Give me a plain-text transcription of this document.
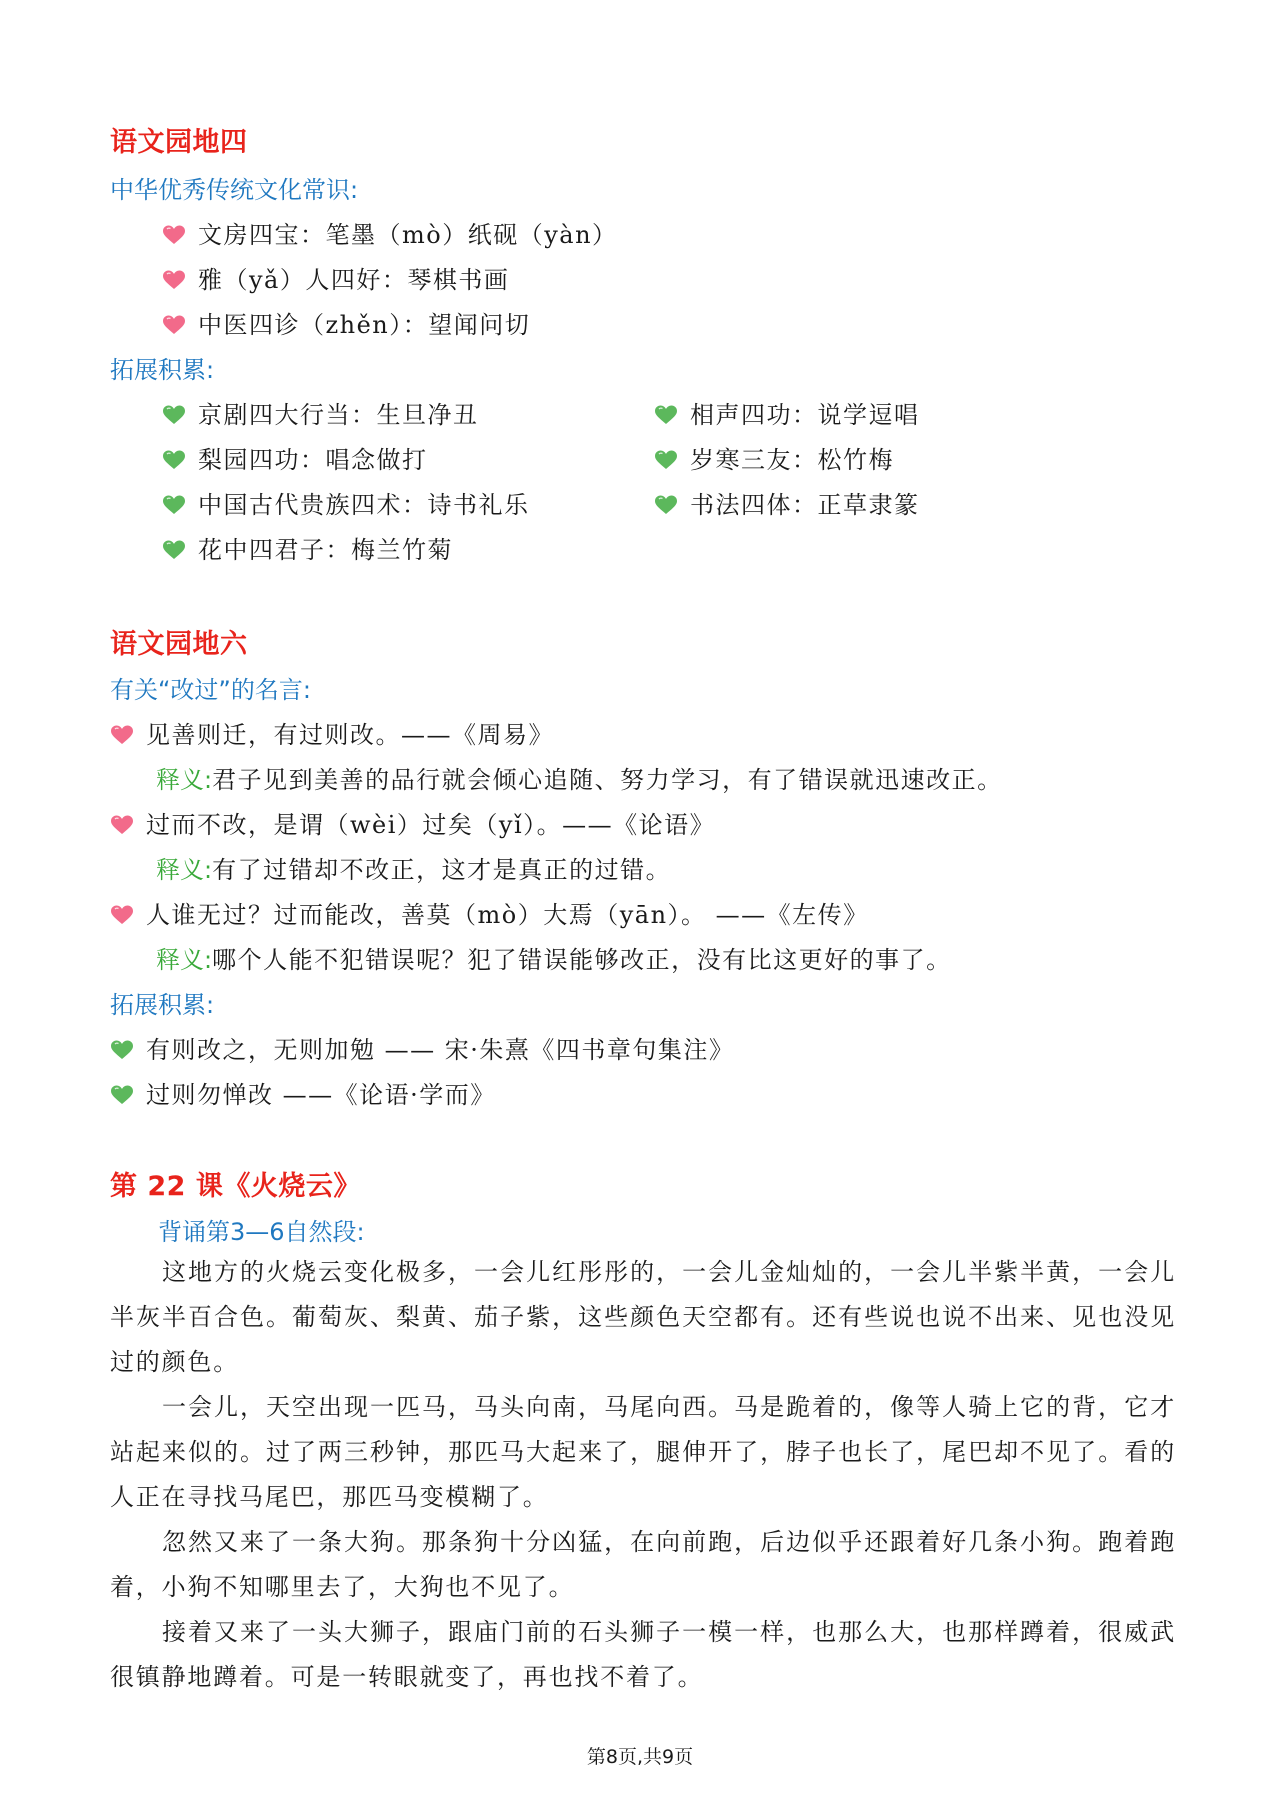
语文园地四
中华优秀传统文化常识:
文房四宝：笔墨（mò）纸砚（yàn）
雅（yǎ）人四好：琴棋书画
中医四诊（zhěn）：望闻问切
拓展积累:
京剧四大行当：生旦净丑
梨园四功：唱念做打
中国古代贵族四术：诗书礼乐
花中四君子：梅兰竹菊
相声四功：说学逗唱
岁寒三友：松竹梅
书法四体：正草隶篆
语文园地六
有关“改过”的名言:
见善则迁，有过则改。——《周易》
释义:君子见到美善的品行就会倾心追随、努力学习，有了错误就迅速改正。
过而不改，是谓（wèi）过矣（yǐ）。——《论语》
释义:有了过错却不改正，这才是真正的过错。
人谁无过？过而能改，善莫（mò）大焉（yān）。 ——《左传》
释义:哪个人能不犯错误呢？犯了错误能够改正，没有比这更好的事了。
拓展积累:
有则改之，无则加勉 —— 宋·朱熹《四书章句集注》
过则勿惮改 ——《论语·学而》
第 22 课《火烧云》
背诵第3—6自然段:

这地方的火烧云变化极多，一会儿红彤彤的，一会儿金灿灿的，一会儿半紫半黄，一会儿半灰半百合色。葡萄灰、梨黄、茄子紫，这些颜色天空都有。还有些说也说不出来、见也没见过的颜色。

一会儿，天空出现一匹马，马头向南，马尾向西。马是跪着的，像等人骑上它的背，它才站起来似的。过了两三秒钟，那匹马大起来了，腿伸开了，脖子也长了，尾巴却不见了。看的人正在寻找马尾巴，那匹马变模糊了。

忽然又来了一条大狗。那条狗十分凶猛，在向前跑，后边似乎还跟着好几条小狗。跑着跑着，小狗不知哪里去了，大狗也不见了。

接着又来了一头大狮子，跟庙门前的石头狮子一模一样，也那么大，也那样蹲着，很威武很镇静地蹲着。可是一转眼就变了，再也找不着了。

第8页,共9页
